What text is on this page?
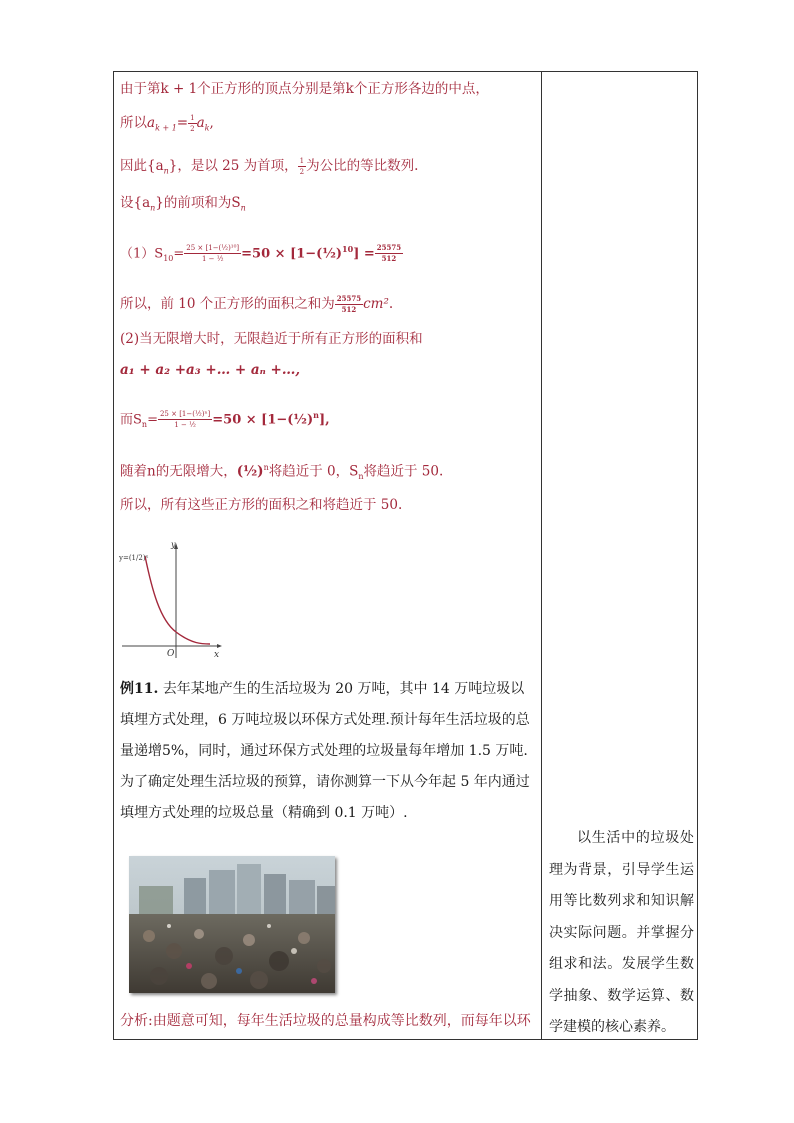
由于第k + 1个正方形的顶点分别是第k个正方形各边的中点，
所以$a_{k + 1}= \frac{1}{2} a_k$,
因此$\{a_n\}$，是以 25 为首项， $\frac{1}{2}$ 为公比的等比数列.
设$\{a_n\}$的前项和为$S_n$
$(1)S_{10}= \frac{\text{25 × [1−(½)¹⁰]}}{\text{1 − ½}} =50$ × [1−(½)$^{10}$] = $\frac{25575}{512}$
所以，前 10 个正方形的面积之和为 $\frac{25575}{512} cm^2$.
(2)当无限增大时，无限趋近于所有正方形的面积和
a₁ + a₂ +a₃ +… + aₙ +…,
而$S_n= \frac{\text{25 × [1−(½)ⁿ]}}{\text{1 − ½}} =50$ × [1−(½)$^n$],
随着n的无限增大，(½)$^n$将趋近于 0，$S_n$将趋近于 50.
所以，所有这些正方形的面积之和将趋近于 50.
y
x
O
y=(1/2)ˣ
例11. 去年某地产生的生活垃圾为 20 万吨，其中 14 万吨垃圾以填埋方式处理，6 万吨垃圾以环保方式处理.预计每年生活垃圾的总量递增5%，同时，通过环保方式处理的垃圾量每年增加 1.5 万吨.为了确定处理生活垃圾的预算，请你测算一下从今年起 5 年内通过填埋方式处理的垃圾总量（精确到 0.1 万吨）.
分析:由题意可知，每年生活垃圾的总量构成等比数列，而每年以环
以生活中的垃圾处理为背景，引导学生运用等比数列求和知识解决实际问题。并掌握分组求和法。发展学生数学抽象、数学运算、数学建模的核心素养。
